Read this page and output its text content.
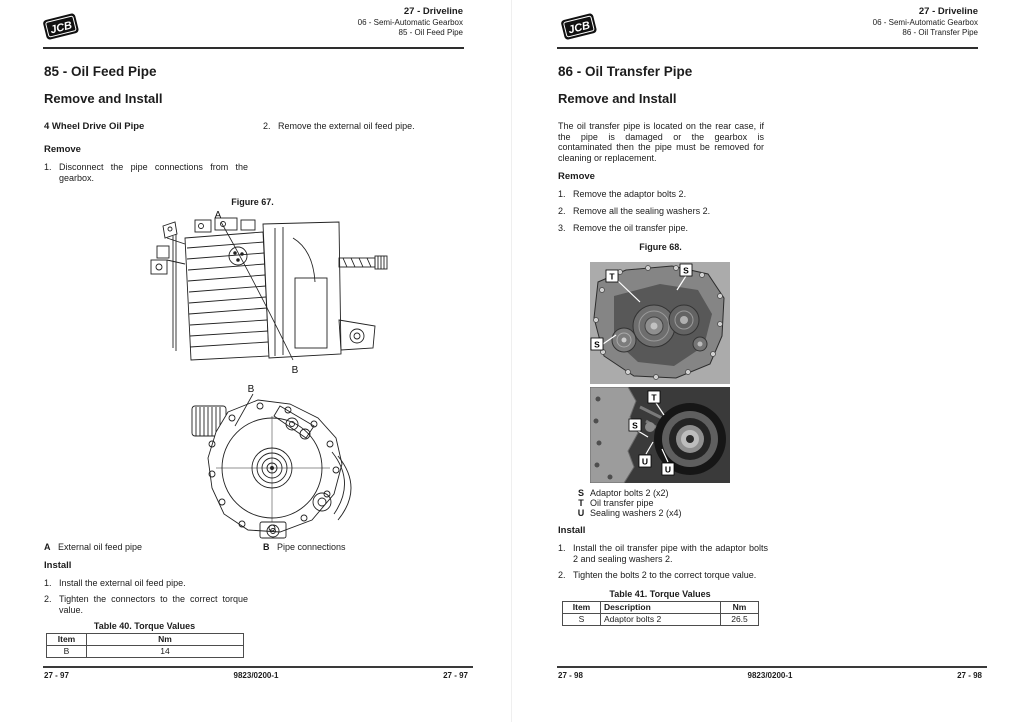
JCB
27 - Driveline
06 - Semi-Automatic Gearbox
85 - Oil Feed Pipe
85 - Oil Feed Pipe
Remove and Install
4 Wheel Drive Oil Pipe
Remove
1. Disconnect the pipe connections from the gearbox.
2. Remove the external oil feed pipe.
Figure 67.
A
B
B
A External oil feed pipe	B Pipe connections
Install
1. Install the external oil feed pipe.
2. Tighten the connectors to the correct torque value.
Table 40. Torque Values
Item	Nm
B	14
27 - 97	9823/0200-1	27 - 97
JCB
27 - Driveline
06 - Semi-Automatic Gearbox
86 - Oil Transfer Pipe
86 - Oil Transfer Pipe
Remove and Install
The oil transfer pipe is located on the rear case, if the pipe is damaged or the gearbox is contaminated then the pipe must be removed for cleaning or replacement.
Remove
1. Remove the adaptor bolts 2.
2. Remove all the sealing washers 2.
3. Remove the oil transfer pipe.
Figure 68.
T
S
S
T
S
U
U
S Adaptor bolts 2 (x2)
T Oil transfer pipe
U Sealing washers 2 (x4)
Install
1. Install the oil transfer pipe with the adaptor bolts 2 and sealing washers 2.
2. Tighten the bolts 2 to the correct torque value.
Table 41. Torque Values
Item	Description	Nm
S	Adaptor bolts 2	26.5
27 - 98	9823/0200-1	27 - 98
